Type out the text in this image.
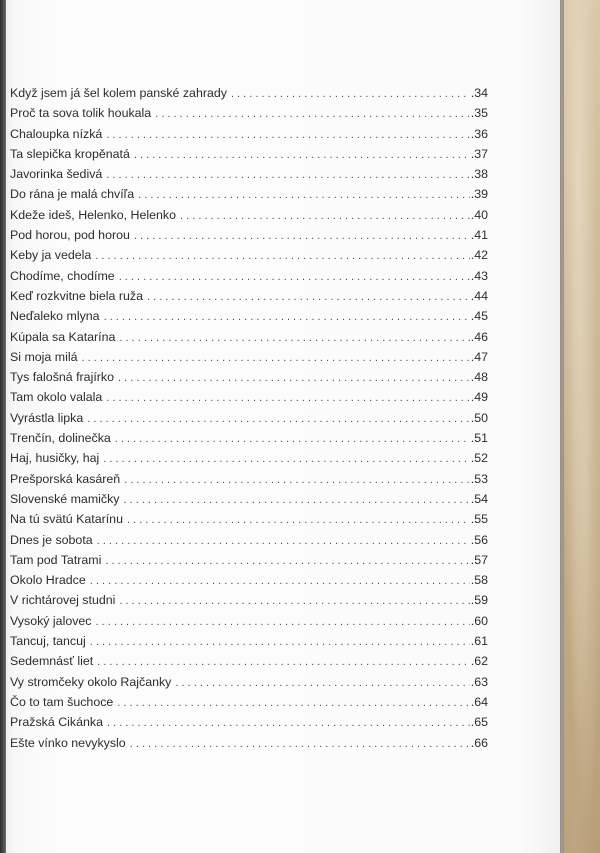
Když jsem já šel kolem panské zahrady . . .	.34
Proč ta sova tolik houkala . . .	.35
Chaloupka nízká . . .	.36
Ta slepička kropěnatá . . .	.37
Javorinka šedivá . . .	.38
Do rána je malá chvíľa . . .	.39
Kdeže ideš, Helenko, Helenko . . .	.40
Pod horou, pod horou . . .	.41
Keby ja vedela . . .	.42
Chodíme, chodíme . . .	.43
Keď rozkvitne biela ruža . . .	.44
Neďaleko mlyna . . .	.45
Kúpala sa Katarína . . .	.46
Si moja milá . . .	.47
Tys falošná frajírko . . .	.48
Tam okolo valala . . .	.49
Vyrástla lipka . . .	.50
Trenčín, dolinečka . . .	.51
Haj, husičky, haj . . .	.52
Prešporská kasáreň . . .	.53
Slovenské mamičky . . .	.54
Na tú svätú Katarínu . . .	.55
Dnes je sobota . . .	.56
Tam pod Tatrami . . .	.57
Okolo Hradce . . .	.58
V richtárovej studni . . .	.59
Vysoký jalovec . . .	.60
Tancuj, tancuj . . .	.61
Sedemnásť liet . . .	.62
Vy stromčeky okolo Rajčanky . . .	.63
Čo to tam šuchoce . . .	.64
Pražská Cikánka . . .	.65
Ešte vínko nevykyslo . . .	.66
